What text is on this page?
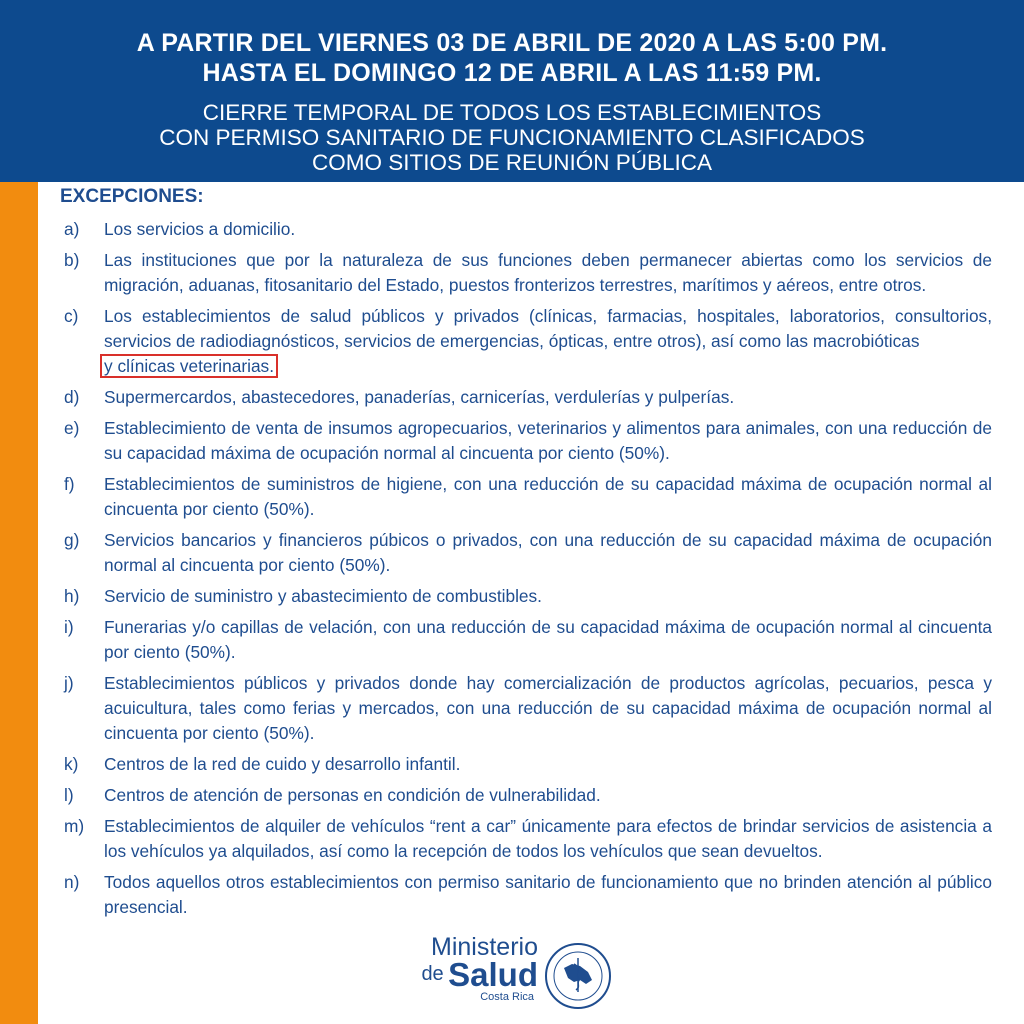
A PARTIR DEL VIERNES 03 DE ABRIL DE 2020 A LAS 5:00 PM.
HASTA EL DOMINGO 12 DE ABRIL A LAS 11:59 PM.
CIERRE TEMPORAL DE TODOS LOS ESTABLECIMIENTOS
CON PERMISO SANITARIO DE FUNCIONAMIENTO CLASIFICADOS
COMO SITIOS DE REUNIÓN PÚBLICA
EXCEPCIONES:
a) Los servicios a domicilio.
b) Las instituciones que por la naturaleza de sus funciones deben permanecer abiertas como los servicios de migración, aduanas, fitosanitario del Estado, puestos fronterizos terrestres, marítimos y aéreos, entre otros.
c) Los establecimientos de salud públicos y privados (clínicas, farmacias, hospitales, laboratorios, consultorios, servicios de radiodiagnósticos, servicios de emergencias, ópticas, entre otros), así como las macrobióticas
y clínicas veterinarias.
d) Supermercardos, abastecedores, panaderías, carnicerías, verdulerías y pulperías.
e) Establecimiento de venta de insumos agropecuarios, veterinarios y alimentos para animales, con una reducción de su capacidad máxima de ocupación normal al cincuenta por ciento (50%).
f) Establecimientos de suministros de higiene, con una reducción de su capacidad máxima de ocupación normal al cincuenta por ciento (50%).
g) Servicios bancarios y financieros púbicos o privados, con una reducción de su capacidad máxima de ocupación normal al cincuenta por ciento (50%).
h) Servicio de suministro y abastecimiento de combustibles.
i) Funerarias y/o capillas de velación, con una reducción de su capacidad máxima de ocupación normal al cincuenta por ciento (50%).
j) Establecimientos públicos y privados donde hay comercialización de productos agrícolas, pecuarios, pesca y acuicultura, tales como ferias y mercados, con una reducción de su capacidad máxima de ocupación normal al cincuenta por ciento (50%).
k) Centros de la red de cuido y desarrollo infantil.
l) Centros de atención de personas en condición de vulnerabilidad.
m) Establecimientos de alquiler de vehículos “rent a car” únicamente para efectos de brindar servicios de asistencia a los vehículos ya alquilados, así como la recepción de todos los vehículos que sean devueltos.
n) Todos aquellos otros establecimientos con permiso sanitario de funcionamiento que no brinden atención al público presencial.
Ministerio
de Salud
Costa Rica
